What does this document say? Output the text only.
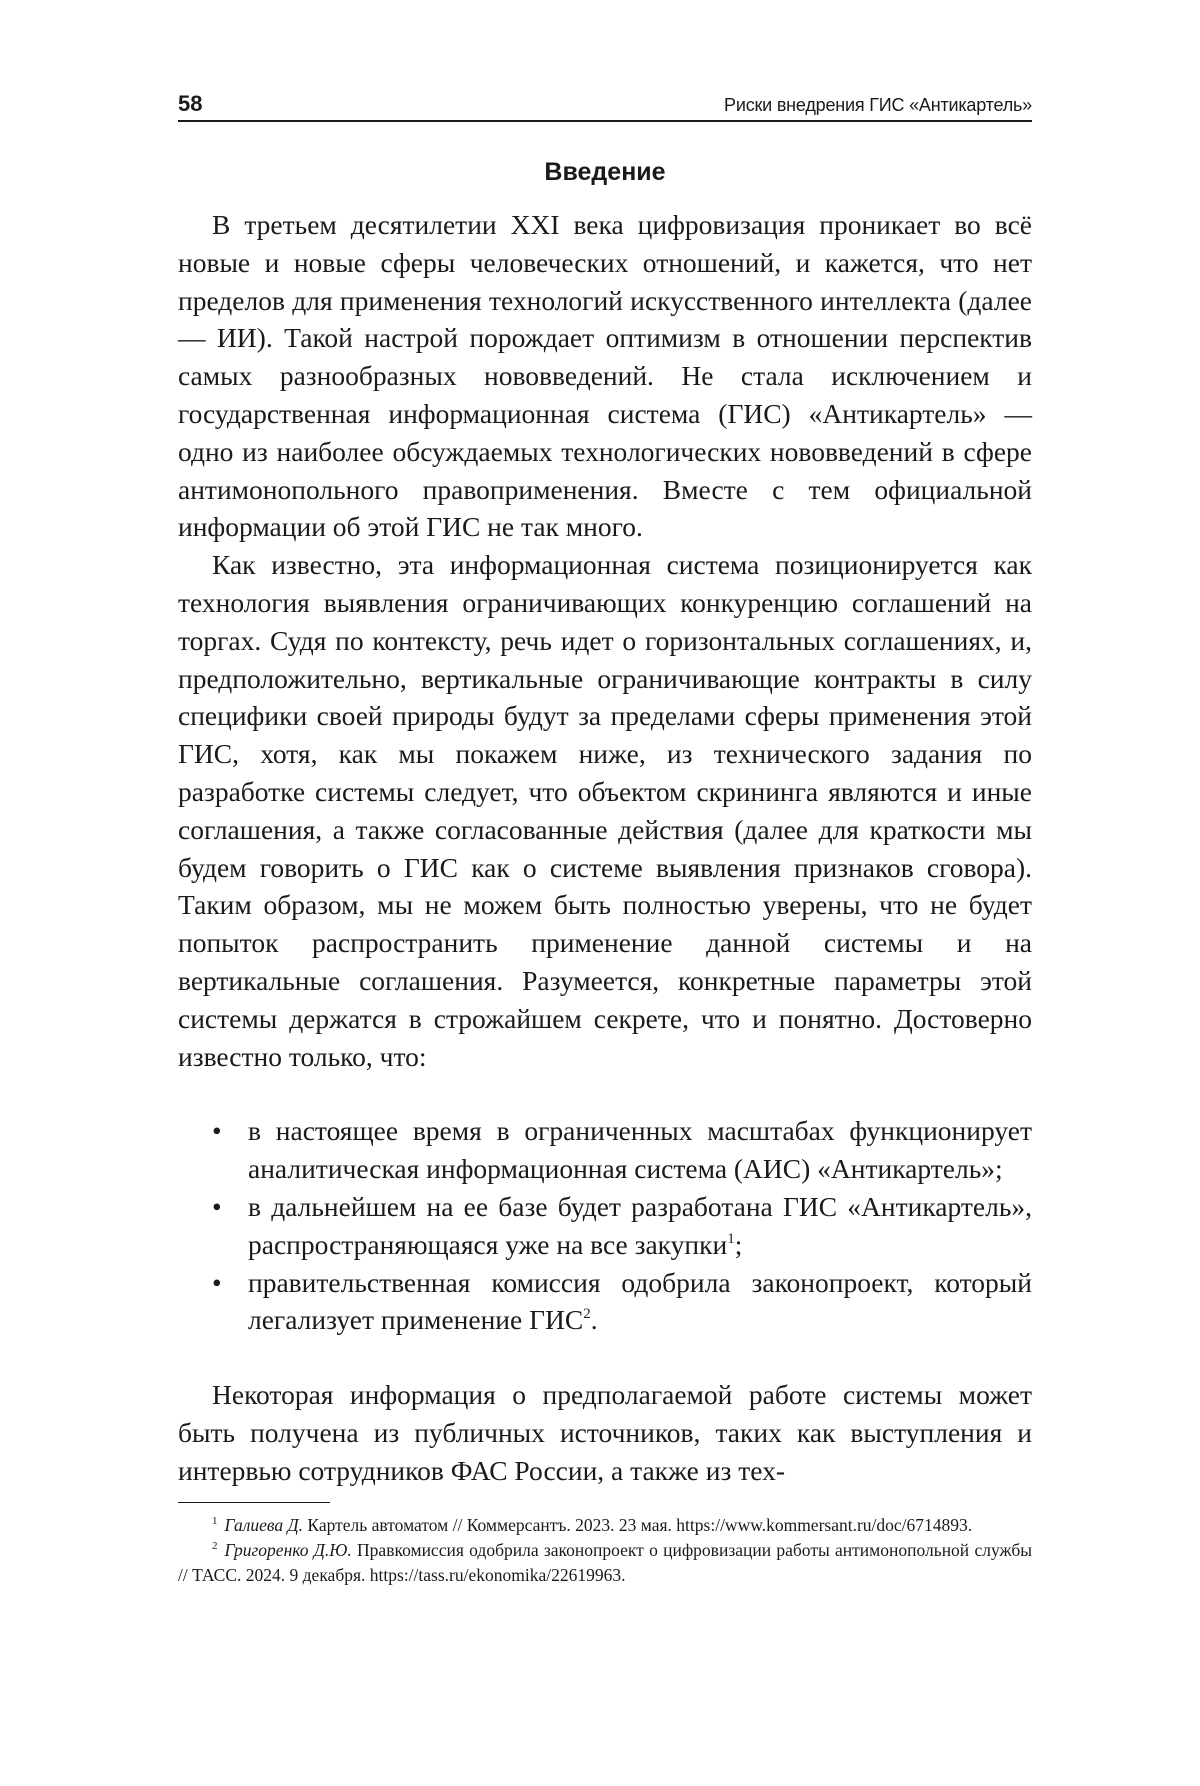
58	Риски внедрения ГИС «Антикартель»
Введение

В третьем десятилетии XXI века цифровизация проникает во всё новые и новые сферы человеческих отношений, и кажется, что нет пределов для применения технологий искусственного интеллекта (далее — ИИ). Такой настрой порождает оптимизм в отношении перспектив самых разнообразных нововведений. Не стала исключением и государственная информационная система (ГИС) «Антикартель» — одно из наиболее обсуждаемых технологических нововведений в сфере антимонопольного правоприменения. Вместе с тем официальной информации об этой ГИС не так много.

Как известно, эта информационная система позиционируется как технология выявления ограничивающих конкуренцию соглашений на торгах. Судя по контексту, речь идет о горизонтальных соглашениях, и, предположительно, вертикальные ограничивающие контракты в силу специфики своей природы будут за пределами сферы применения этой ГИС, хотя, как мы покажем ниже, из технического задания по разработке системы следует, что объектом скрининга являются и иные соглашения, а также согласованные действия (далее для краткости мы будем говорить о ГИС как о системе выявления признаков сговора). Таким образом, мы не можем быть полностью уверены, что не будет попыток распространить применение данной системы и на вертикальные соглашения. Разумеется, конкретные параметры этой системы держатся в строжайшем секрете, что и понятно. Достоверно известно только, что:

• в настоящее время в ограниченных масштабах функционирует аналитическая информационная система (АИС) «Антикартель»;
• в дальнейшем на ее базе будет разработана ГИС «Антикартель», распространяющаяся уже на все закупки1;
• правительственная комиссия одобрила законопроект, который легализует применение ГИС2.

Некоторая информация о предполагаемой работе системы может быть получена из публичных источников, таких как выступления и интервью сотрудников ФАС России, а также из тех-

1 Галиева Д. Картель автоматом // Коммерсантъ. 2023. 23 мая. https://www.kommersant.ru/doc/6714893.

2 Григоренко Д.Ю. Правкомиссия одобрила законопроект о цифровизации работы антимонопольной службы // ТАСС. 2024. 9 декабря. https://tass.ru/ekonomika/22619963.
